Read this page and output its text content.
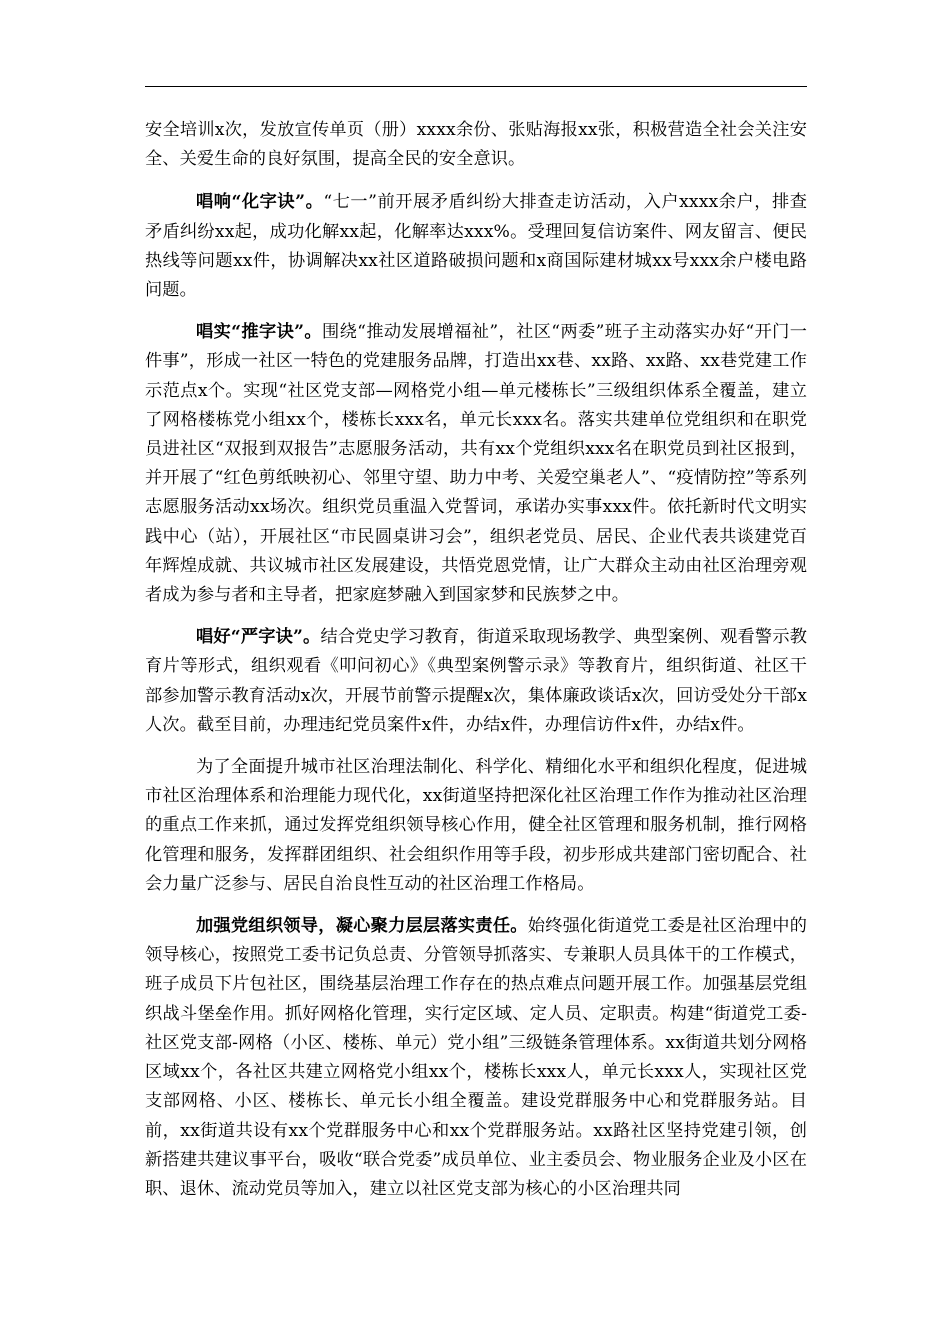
安全培训x次，发放宣传单页（册）xxxx余份、张贴海报xx张，积极营造全社会关注安全、关爱生命的良好氛围，提高全民的安全意识。

唱响“化字诀”。“七一”前开展矛盾纠纷大排查走访活动，入户xxxx余户，排查矛盾纠纷xx起，成功化解xx起，化解率达xxx%。受理回复信访案件、网友留言、便民热线等问题xx件，协调解决xx社区道路破损问题和x商国际建材城xx号xxx余户楼电路问题。

唱实“推字诀”。围绕“推动发展增福祉”，社区“两委”班子主动落实办好“开门一件事”，形成一社区一特色的党建服务品牌，打造出xx巷、xx路、xx路、xx巷党建工作示范点x个。实现“社区党支部—网格党小组—单元楼栋长”三级组织体系全覆盖，建立了网格楼栋党小组xx个，楼栋长xxx名，单元长xxx名。落实共建单位党组织和在职党员进社区“双报到双报告”志愿服务活动，共有xx个党组织xxx名在职党员到社区报到，并开展了“红色剪纸映初心、邻里守望、助力中考、关爱空巢老人”、“疫情防控”等系列志愿服务活动xx场次。组织党员重温入党誓词，承诺办实事xxx件。依托新时代文明实践中心（站），开展社区“市民圆桌讲习会”，组织老党员、居民、企业代表共谈建党百年辉煌成就、共议城市社区发展建设，共悟党恩党情，让广大群众主动由社区治理旁观者成为参与者和主导者，把家庭梦融入到国家梦和民族梦之中。

唱好“严字诀”。结合党史学习教育，街道采取现场教学、典型案例、观看警示教育片等形式，组织观看《叩问初心》《典型案例警示录》等教育片，组织街道、社区干部参加警示教育活动x次，开展节前警示提醒x次，集体廉政谈话x次，回访受处分干部x人次。截至目前，办理违纪党员案件x件，办结x件，办理信访件x件，办结x件。

为了全面提升城市社区治理法制化、科学化、精细化水平和组织化程度，促进城市社区治理体系和治理能力现代化，xx街道坚持把深化社区治理工作作为推动社区治理的重点工作来抓，通过发挥党组织领导核心作用，健全社区管理和服务机制，推行网格化管理和服务，发挥群团组织、社会组织作用等手段，初步形成共建部门密切配合、社会力量广泛参与、居民自治良性互动的社区治理工作格局。

加强党组织领导，凝心聚力层层落实责任。始终强化街道党工委是社区治理中的领导核心，按照党工委书记负总责、分管领导抓落实、专兼职人员具体干的工作模式，班子成员下片包社区，围绕基层治理工作存在的热点难点问题开展工作。加强基层党组织战斗堡垒作用。抓好网格化管理，实行定区域、定人员、定职责。构建“街道党工委-社区党支部-网格（小区、楼栋、单元）党小组”三级链条管理体系。xx街道共划分网格区域xx个，各社区共建立网格党小组xx个，楼栋长xxx人，单元长xxx人，实现社区党支部网格、小区、楼栋长、单元长小组全覆盖。建设党群服务中心和党群服务站。目前，xx街道共设有xx个党群服务中心和xx个党群服务站。xx路社区坚持党建引领，创新搭建共建议事平台，吸收“联合党委”成员单位、业主委员会、物业服务企业及小区在职、退休、流动党员等加入，建立以社区党支部为核心的小区治理共同
